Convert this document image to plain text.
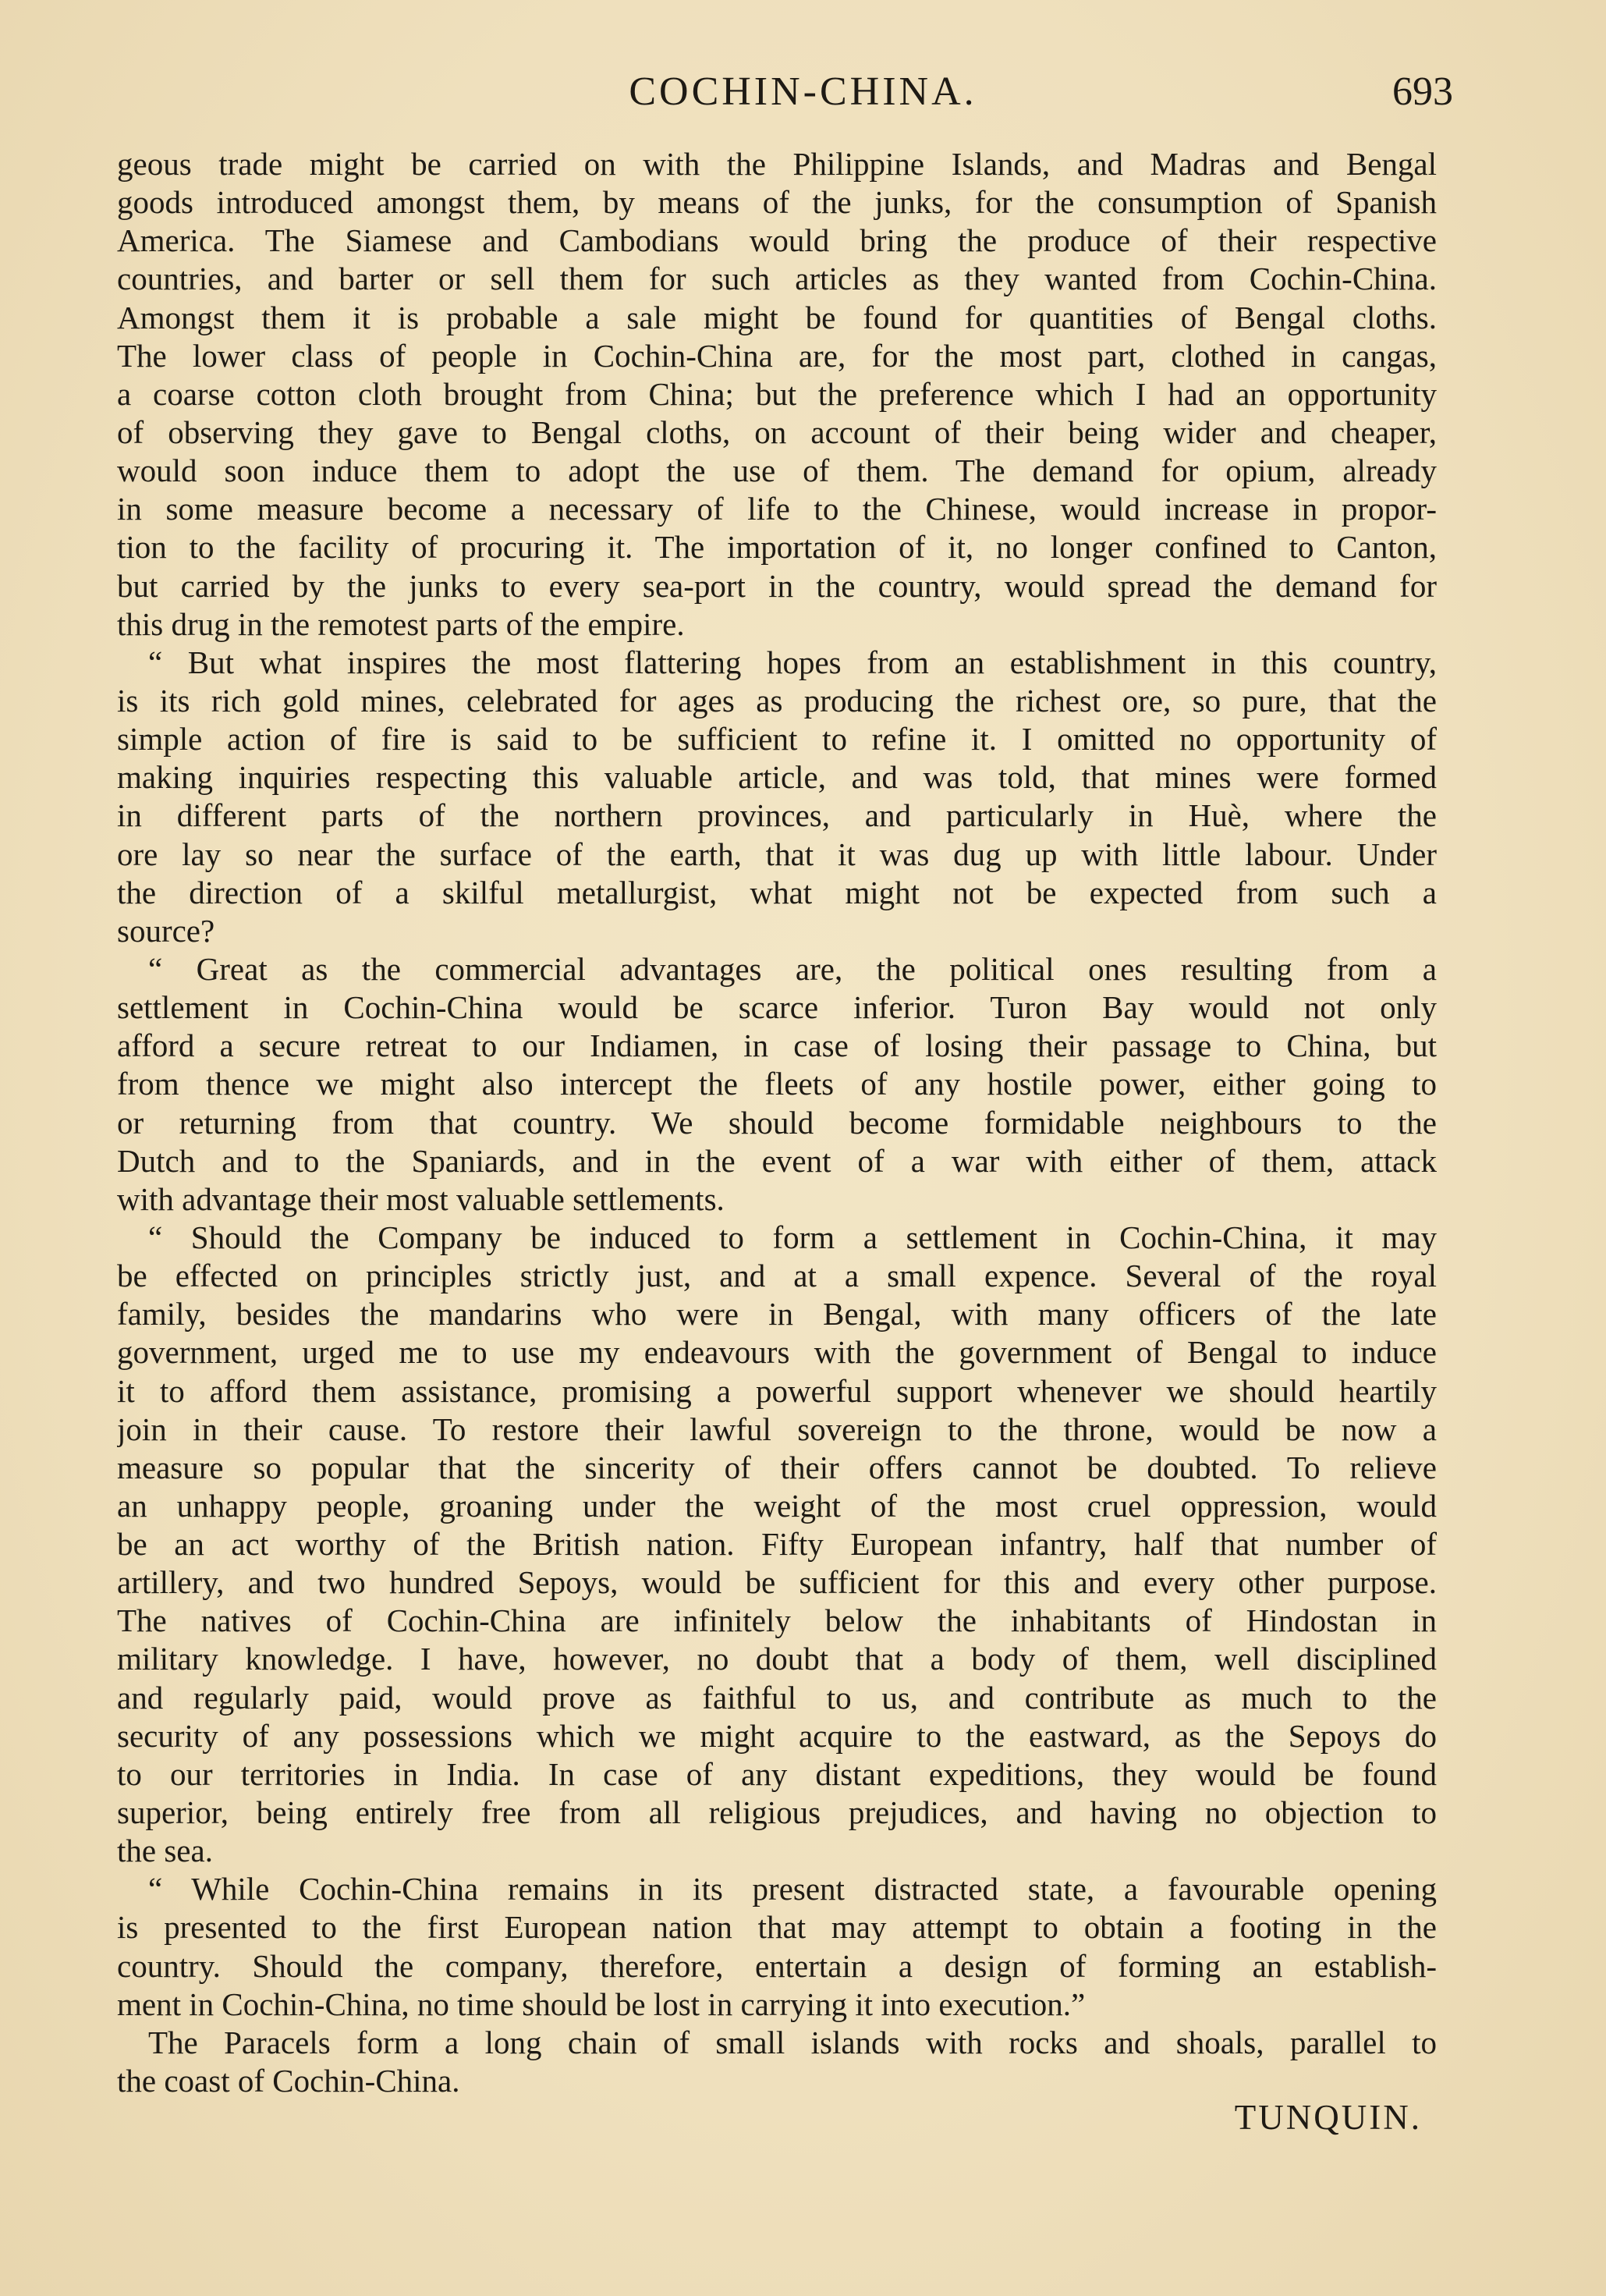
COCHIN-CHINA.	693
geous trade might be carried on with the Philippine Islands, and Madras and Bengal
goods introduced amongst them, by means of the junks, for the consumption of Spanish
America. The Siamese and Cambodians would bring the produce of their respective
countries, and barter or sell them for such articles as they wanted from Cochin-China.
Amongst them it is probable a sale might be found for quantities of Bengal cloths.
The lower class of people in Cochin-China are, for the most part, clothed in cangas,
a coarse cotton cloth brought from China; but the preference which I had an opportunity
of observing they gave to Bengal cloths, on account of their being wider and cheaper,
would soon induce them to adopt the use of them. The demand for opium, already
in some measure become a necessary of life to the Chinese, would increase in propor-
tion to the facility of procuring it. The importation of it, no longer confined to Canton,
but carried by the junks to every sea-port in the country, would spread the demand for
this drug in the remotest parts of the empire.
“ But what inspires the most flattering hopes from an establishment in this country,
is its rich gold mines, celebrated for ages as producing the richest ore, so pure, that the
simple action of fire is said to be sufficient to refine it. I omitted no opportunity of
making inquiries respecting this valuable article, and was told, that mines were formed
in different parts of the northern provinces, and particularly in Huè, where the
ore lay so near the surface of the earth, that it was dug up with little labour. Under
the direction of a skilful metallurgist, what might not be expected from such a
source?
“ Great as the commercial advantages are, the political ones resulting from a
settlement in Cochin-China would be scarce inferior. Turon Bay would not only
afford a secure retreat to our Indiamen, in case of losing their passage to China, but
from thence we might also intercept the fleets of any hostile power, either going to
or returning from that country. We should become formidable neighbours to the
Dutch and to the Spaniards, and in the event of a war with either of them, attack
with advantage their most valuable settlements.
“ Should the Company be induced to form a settlement in Cochin-China, it may
be effected on principles strictly just, and at a small expence. Several of the royal
family, besides the mandarins who were in Bengal, with many officers of the late
government, urged me to use my endeavours with the government of Bengal to induce
it to afford them assistance, promising a powerful support whenever we should heartily
join in their cause. To restore their lawful sovereign to the throne, would be now a
measure so popular that the sincerity of their offers cannot be doubted. To relieve
an unhappy people, groaning under the weight of the most cruel oppression, would
be an act worthy of the British nation. Fifty European infantry, half that number of
artillery, and two hundred Sepoys, would be sufficient for this and every other purpose.
The natives of Cochin-China are infinitely below the inhabitants of Hindostan in
military knowledge. I have, however, no doubt that a body of them, well disciplined
and regularly paid, would prove as faithful to us, and contribute as much to the
security of any possessions which we might acquire to the eastward, as the Sepoys do
to our territories in India. In case of any distant expeditions, they would be found
superior, being entirely free from all religious prejudices, and having no objection to
the sea.
“ While Cochin-China remains in its present distracted state, a favourable opening
is presented to the first European nation that may attempt to obtain a footing in the
country. Should the company, therefore, entertain a design of forming an establish-
ment in Cochin-China, no time should be lost in carrying it into execution.”
The Paracels form a long chain of small islands with rocks and shoals, parallel to
the coast of Cochin-China.
TUNQUIN.
